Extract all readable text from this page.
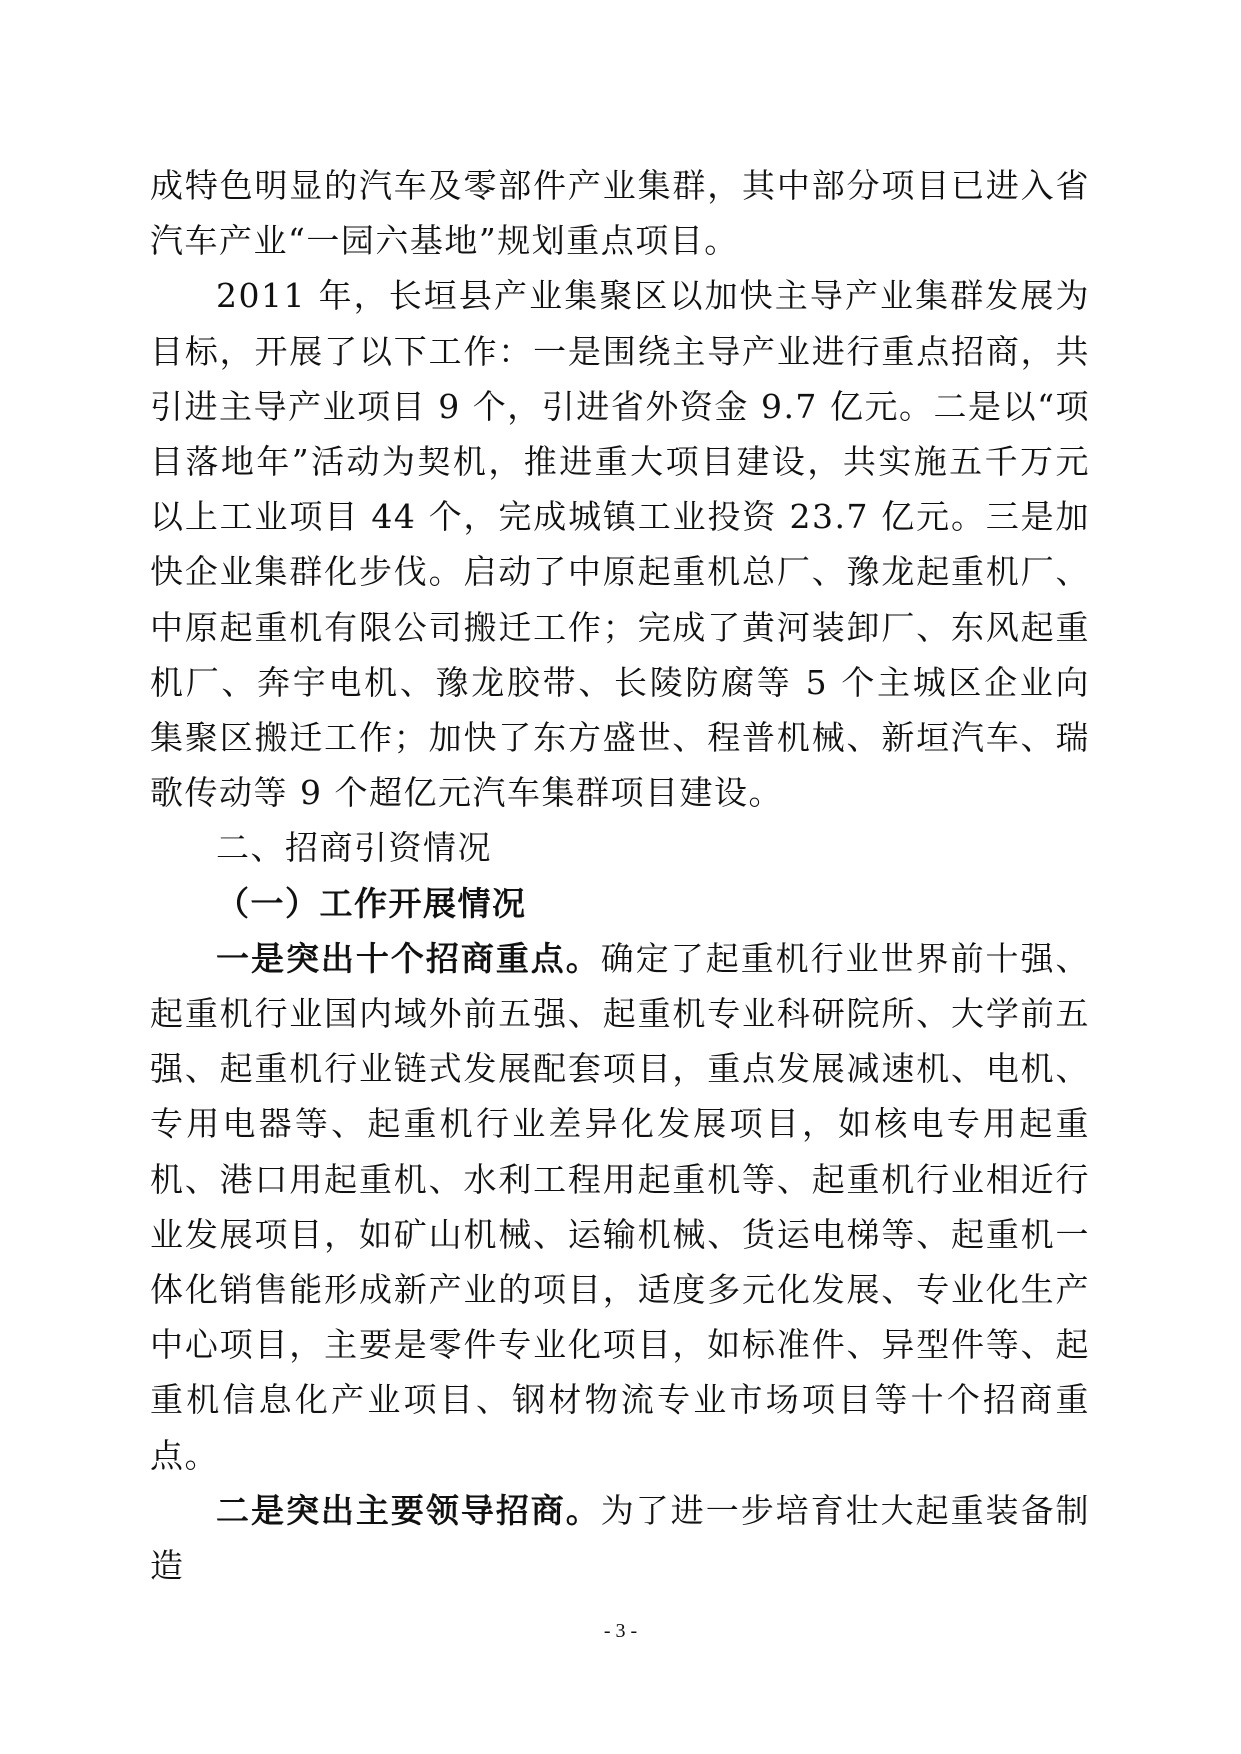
成特色明显的汽车及零部件产业集群，其中部分项目已进入省汽车产业“一园六基地”规划重点项目。

2011 年，长垣县产业集聚区以加快主导产业集群发展为目标，开展了以下工作：一是围绕主导产业进行重点招商，共引进主导产业项目 9 个，引进省外资金 9.7 亿元。二是以“项目落地年”活动为契机，推进重大项目建设，共实施五千万元以上工业项目 44 个，完成城镇工业投资 23.7 亿元。三是加快企业集群化步伐。启动了中原起重机总厂、豫龙起重机厂、中原起重机有限公司搬迁工作；完成了黄河装卸厂、东风起重机厂、奔宇电机、豫龙胶带、长陵防腐等 5 个主城区企业向集聚区搬迁工作；加快了东方盛世、程普机械、新垣汽车、瑞歌传动等 9 个超亿元汽车集群项目建设。

二、招商引资情况

（一）工作开展情况

一是突出十个招商重点。确定了起重机行业世界前十强、起重机行业国内域外前五强、起重机专业科研院所、大学前五强、起重机行业链式发展配套项目，重点发展减速机、电机、专用电器等、起重机行业差异化发展项目，如核电专用起重机、港口用起重机、水利工程用起重机等、起重机行业相近行业发展项目，如矿山机械、运输机械、货运电梯等、起重机一体化销售能形成新产业的项目，适度多元化发展、专业化生产中心项目，主要是零件专业化项目，如标准件、异型件等、起重机信息化产业项目、钢材物流专业市场项目等十个招商重点。

二是突出主要领导招商。为了进一步培育壮大起重装备制造

- 3 -
